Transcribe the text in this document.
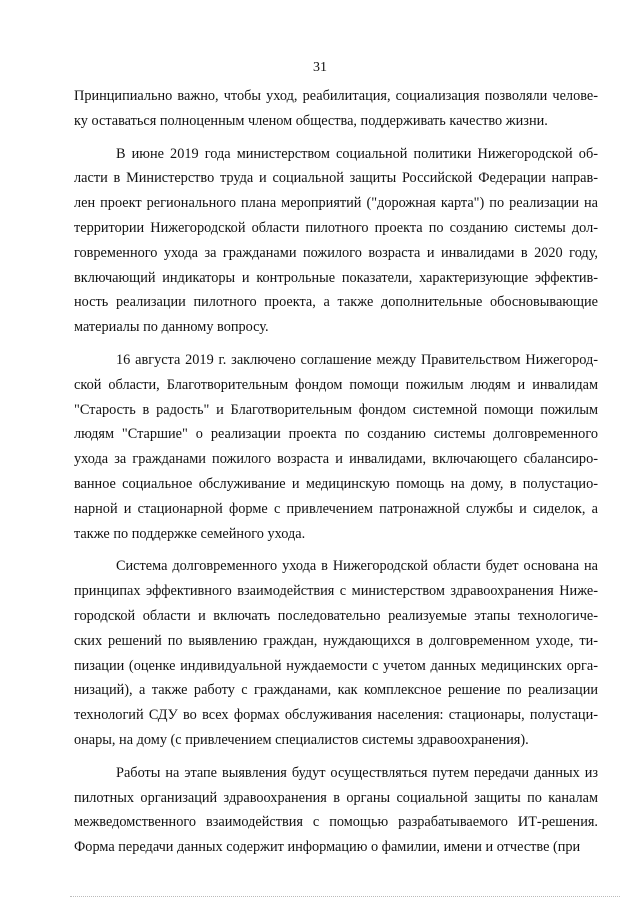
31
Принципиально важно, чтобы уход, реабилитация, социализация позволяли челове-
ку оставаться полноценным членом общества, поддерживать качество жизни.
В июне 2019 года министерством социальной политики Нижегородской об-
ласти в Министерство труда и социальной защиты Российской Федерации направ-
лен проект регионального плана мероприятий ("дорожная карта") по реализации на
территории Нижегородской области пилотного проекта по созданию системы дол-
говременного ухода за гражданами пожилого возраста и инвалидами в 2020 году,
включающий индикаторы и контрольные показатели, характеризующие эффектив-
ность реализации пилотного проекта, а также дополнительные обосновывающие
материалы по данному вопросу.
16 августа 2019 г. заключено соглашение между Правительством Нижегород-
ской области, Благотворительным фондом помощи пожилым людям и инвалидам
"Старость в радость" и Благотворительным фондом системной помощи пожилым
людям "Старшие" о реализации проекта по созданию системы долговременного
ухода за гражданами пожилого возраста и инвалидами, включающего сбалансиро-
ванное социальное обслуживание и медицинскую помощь на дому, в полустацио-
нарной и стационарной форме с привлечением патронажной службы и сиделок, а
также по поддержке семейного ухода.
Система долговременного ухода в Нижегородской области будет основана на
принципах эффективного взаимодействия с министерством здравоохранения Ниже-
городской области и включать последовательно реализуемые этапы технологиче-
ских решений по выявлению граждан, нуждающихся в долговременном уходе, ти-
пизации (оценке индивидуальной нуждаемости с учетом данных медицинских орга-
низаций), а также работу с гражданами, как комплексное решение по реализации
технологий СДУ во всех формах обслуживания населения: стационары, полустаци-
онары, на дому (с привлечением специалистов системы здравоохранения).
Работы на этапе выявления будут осуществляться путем передачи данных из
пилотных организаций здравоохранения в органы социальной защиты по каналам
межведомственного взаимодействия с помощью разрабатываемого ИТ-решения.
Форма передачи данных содержит информацию о фамилии, имени и отчестве (при
